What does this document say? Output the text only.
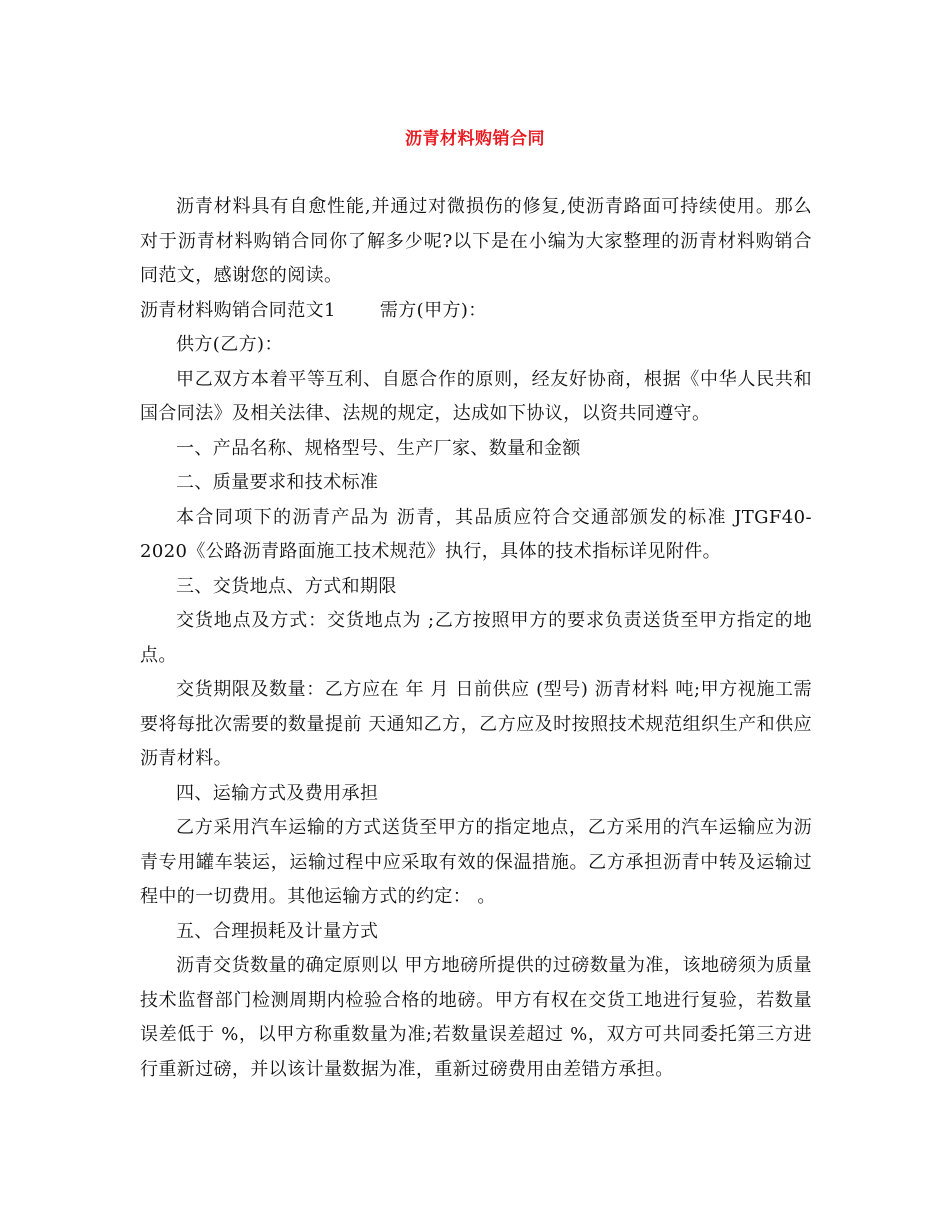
沥青材料购销合同

沥青材料具有自愈性能,并通过对微损伤的修复,使沥青路面可持续使用。那么对于沥青材料购销合同你了解多少呢?以下是在小编为大家整理的沥青材料购销合同范文，感谢您的阅读。

沥青材料购销合同范文1 需方(甲方)：

供方(乙方)：

甲乙双方本着平等互利、自愿合作的原则，经友好协商，根据《中华人民共和国合同法》及相关法律、法规的规定，达成如下协议，以资共同遵守。

一、产品名称、规格型号、生产厂家、数量和金额

二、质量要求和技术标准

本合同项下的沥青产品为 沥青，其品质应符合交通部颁发的标准 JTGF40-2020《公路沥青路面施工技术规范》执行，具体的技术指标详见附件。

三、交货地点、方式和期限

交货地点及方式：交货地点为 ;乙方按照甲方的要求负责送货至甲方指定的地点。

交货期限及数量：乙方应在 年 月 日前供应 (型号) 沥青材料 吨;甲方视施工需要将每批次需要的数量提前 天通知乙方，乙方应及时按照技术规范组织生产和供应沥青材料。

四、运输方式及费用承担

乙方采用汽车运输的方式送货至甲方的指定地点，乙方采用的汽车运输应为沥青专用罐车装运，运输过程中应采取有效的保温措施。乙方承担沥青中转及运输过程中的一切费用。其他运输方式的约定： 。

五、合理损耗及计量方式

沥青交货数量的确定原则以 甲方地磅所提供的过磅数量为准，该地磅须为质量技术监督部门检测周期内检验合格的地磅。甲方有权在交货工地进行复验，若数量误差低于 %，以甲方称重数量为准;若数量误差超过 %，双方可共同委托第三方进行重新过磅，并以该计量数据为准，重新过磅费用由差错方承担。
